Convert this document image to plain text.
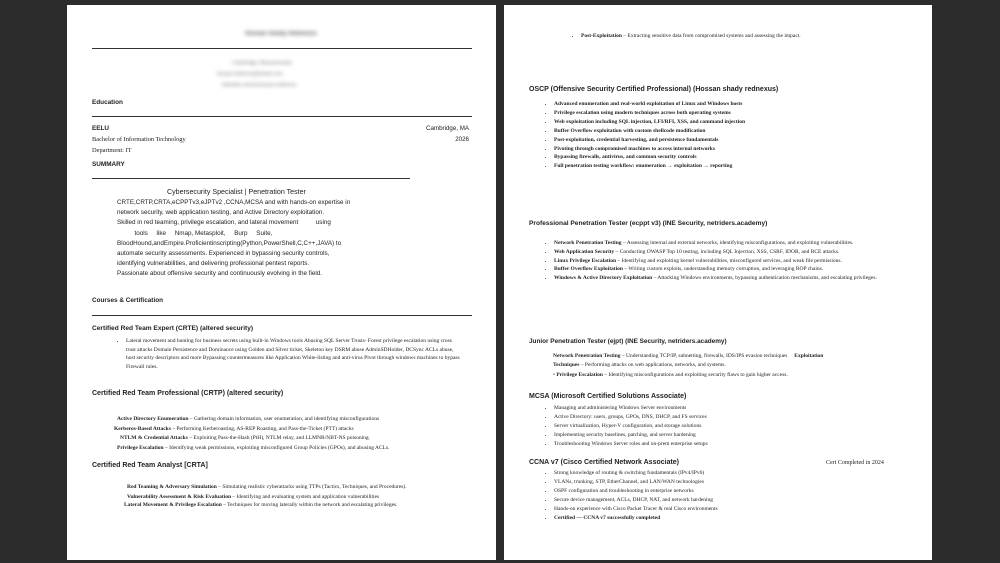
Hossan Shady Rednexus
Cambridge, Massachusetts
hossan.rednexus@email.com
linkedin.com/in/hossan-rednexus
Education
EELU	Cambridge, MA
Bachelor of Information Technology	2026
Department: IT
SUMMARY
Cybersecurity Specialist | Penetration Tester
CRTE,CRTP,CRTA,eCPPTv3,eJPTv2 ,CCNA,MCSA and with hands-on expertise in
network security, web application testing, and Active Directory exploitation.
Skilled in red teaming, privilege escalation, and lateral movement          using
tools     like     Nmap, Metasploit,     Burp     Suite,
BloodHound,andEmpire.Proficientinscripting(Python,PowerShell,C,C++,JAVA) to
automate security assessments. Experienced in bypassing security controls,
identifying vulnerabilities, and delivering professional pentest reports.
Passionate about offensive security and continuously evolving in the field.
Courses & Certification
Certified Red Team Expert (CRTE) (altered security)
• Lateral movement and hunting for business secrets using built-in Windows tools Abusing SQL Server Trusts- Forest privilege escalation using cross trust attacks Domain Persistence and Dominance using Golden and Silver ticket, Skeleton key DSRM abuse AdminSDHolder, DCSync ACLs abuse, host security descriptors and more Bypassing countermeasures like Application White-listing and anti-virus Pivot through windows machines to bypass Firewall rules.
Certified Red Team Professional (CRTP) (altered security)
Active Directory Enumeration – Gathering domain information, user enumeration, and identifying misconfigurations
Kerberos-Based Attacks – Performing Kerberoasting, AS-REP Roasting, and Pass-the-Ticket (PTT) attacks
NTLM & Credential Attacks – Exploiting Pass-the-Hash (PtH), NTLM relay, and LLMNR/NBT-NS poisoning.
Privilege Escalation – Identifying weak permissions, exploiting misconfigured Group Policies (GPOs), and abusing ACLs.
Certified Red Team Analyst [CRTA]
Red Teaming & Adversary Simulation – Simulating realistic cyberattacks using TTPs (Tactics, Techniques, and Procedures).
Vulnerability Assessment & Risk Evaluation – Identifying and evaluating system and application vulnerabilities
Lateral Movement & Privilege Escalation – Techniques for moving laterally within the network and escalating privileges.
• Post-Exploitation – Extracting sensitive data from compromised systems and assessing the impact.
OSCP (Offensive Security Certified Professional) (Hossan shady rednexus)
• Advanced enumeration and real-world exploitation of Linux and Windows hosts
• Privilege escalation using modern techniques across both operating systems
• Web exploitation including SQL injection, LFI/RFI, XSS, and command injection
• Buffer Overflow exploitation with custom shellcode modification
• Post-exploitation, credential harvesting, and persistence fundamentals
• Pivoting through compromised machines to access internal networks
• Bypassing firewalls, antivirus, and common security controls
• Full penetration testing workflow: enumeration → exploitation → reporting
Professional Penetration Tester (ecppt v3) (INE Security, netriders.academy)
• Network Penetration Testing – Assessing internal and external networks, identifying misconfigurations, and exploiting vulnerabilities.
• Web Application Security – Conducting OWASP Top 10 testing, including SQL Injection, XSS, CSRF, IDOR, and RCE attacks.
• Linux Privilege Escalation – Identifying and exploiting kernel vulnerabilities, misconfigured services, and weak file permissions.
• Buffer Overflow Exploitation – Writing custom exploits, understanding memory corruption, and leveraging ROP chains.
• Windows & Active Directory Exploitation – Attacking Windows environments, bypassing authentication mechanisms, and escalating privileges.
Junior Penetration Tester (ejpt) (INE Security, netriders.academy)
Network Penetration Testing – Understanding TCP/IP, subnetting, firewalls, IDS/IPS evasion techniques Exploitation
Techniques – Performing attacks on web applications, networks, and systems.
• Privilege Escalation – Identifying misconfigurations and exploiting security flaws to gain higher access.
MCSA (Microsoft Certified Solutions Associate)
• Managing and administering Windows Server environments
• Active Directory: users, groups, GPOs, DNS, DHCP, and FS services
• Server virtualization, Hyper-V configuration, and storage solutions
• Implementing security baselines, patching, and server hardening
• Troubleshooting Windows Server roles and on-prem enterprise setups
CCNA v7 (Cisco Certified Network Associate)	Cert Completed in 2024
• Strong knowledge of routing & switching fundamentals (IPv4/IPv6)
• VLANs, trunking, STP, EtherChannel, and LAN/WAN technologies
• OSPF configuration and troubleshooting in enterprise networks
• Secure device management, ACLs, DHCP, NAT, and network hardening
• Hands-on experience with Cisco Packet Tracer & real Cisco environments
• Certified — CCNA v7 successfully completed
